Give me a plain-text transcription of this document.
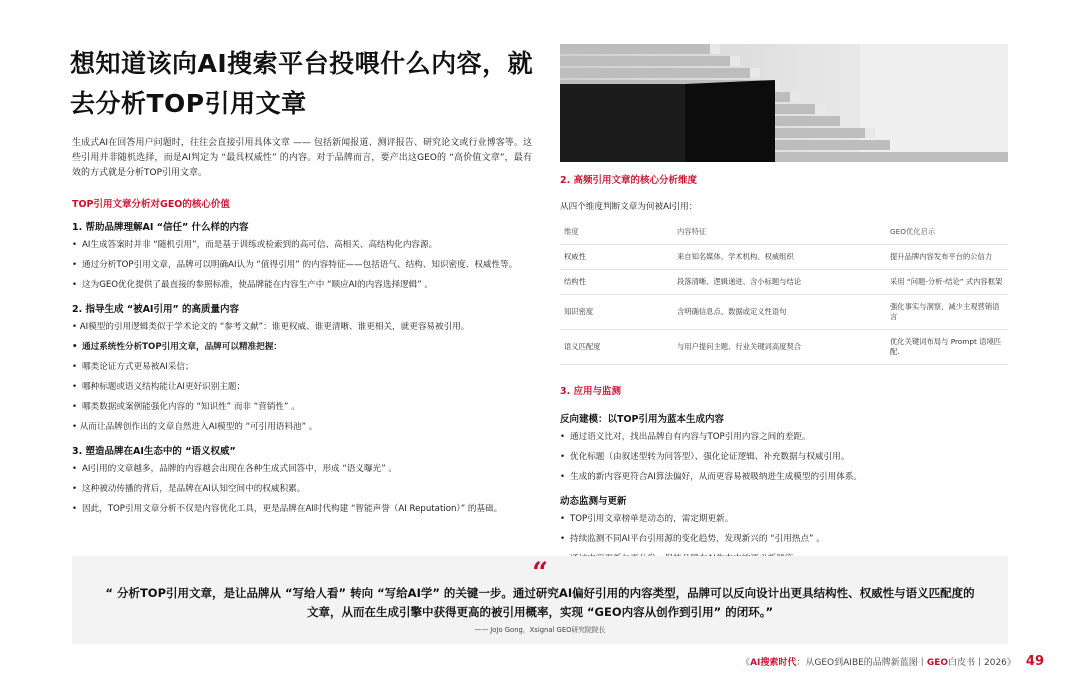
想知道该向AI搜索平台投喂什么内容，就去分析TOP引用文章
生成式AI在回答用户问题时，往往会直接引用具体文章 —— 包括新闻报道、测评报告、研究论文或行业博客等。这些引用并非随机选择，而是AI判定为 “最具权威性” 的内容。对于品牌而言，要产出这GEO的 “高价值文章”，最有效的方式就是分析TOP引用文章。
TOP引用文章分析对GEO的核心价值
1. 帮助品牌理解AI “信任” 什么样的内容
• AI生成答案时并非 “随机引用”，而是基于训练或检索到的高可信、高相关、高结构化内容源。
• 通过分析TOP引用文章，品牌可以明确AI认为 “值得引用” 的内容特征——包括语气、结构、知识密度、权威性等。
• 这为GEO优化提供了最直接的参照标准，使品牌能在内容生产中 “顺应AI的内容选择逻辑” 。
2. 指导生成 “被AI引用” 的高质量内容
• AI模型的引用逻辑类似于学术论文的 “参考文献”：谁更权威、谁更清晰、谁更相关，就更容易被引用。
• 通过系统性分析TOP引用文章，品牌可以精准把握：
• 哪类论证方式更易被AI采信；
• 哪种标题或语义结构能让AI更好识别主题；
• 哪类数据或案例能强化内容的 “知识性” 而非 “营销性” 。
• 从而让品牌创作出的文章自然进入AI模型的 “可引用语料池” 。
3. 塑造品牌在AI生态中的 “语义权威”
• AI引用的文章越多，品牌的内容越会出现在各种生成式回答中，形成 “语义曝光” 。
• 这种被动传播的背后，是品牌在AI认知空间中的权威积累。
• 因此，TOP引用文章分析不仅是内容优化工具，更是品牌在AI时代构建 “智能声誉（AI Reputation）” 的基础。
2. 高频引用文章的核心分析维度
从四个维度判断文章为何被AI引用：
维度	内容特征	GEO优化启示
权威性	来自知名媒体、学术机构、权威组织	提升品牌内容发布平台的公信力
结构性	段落清晰、逻辑递进、含小标题与结论	采用 “问题-分析-结论” 式内容框架
知识密度	含明确信息点、数据或定义性语句	强化事实与洞察，减少主观营销语言
语义匹配度	与用户提问主题、行业关键词高度契合	优化关键词布局与 Prompt 语境匹配.
3. 应用与监测
反向建模：以TOP引用为蓝本生成内容
• 通过语义比对，找出品牌自有内容与TOP引用内容之间的差距。
• 优化标题（由叙述型转为问答型）、强化论证逻辑、补充数据与权威引用。
• 生成的新内容更符合AI算法偏好，从而更容易被吸纳进生成模型的引用体系。
动态监测与更新
• TOP引用文章榜单是动态的，需定期更新。
• 持续监测不同AI平台引用源的变化趋势，发现新兴的 “引用热点” 。
•
“
“ 分析TOP引用文章，是让品牌从 “写给人看” 转向 “写给AI学” 的关键一步。通过研究AI偏好引用的内容类型，品牌可以反向设计出更具结构性、权威性与语义匹配度的文章，从而在生成引擎中获得更高的被引用概率，实现 “GEO内容从创作到引用” 的闭环。”
—— JoJo Gong，Xsignal GEO研究院院长
《AI搜索时代：从GEO到AIBE的品牌新蓝图丨GEO白皮书丨2026》 49
